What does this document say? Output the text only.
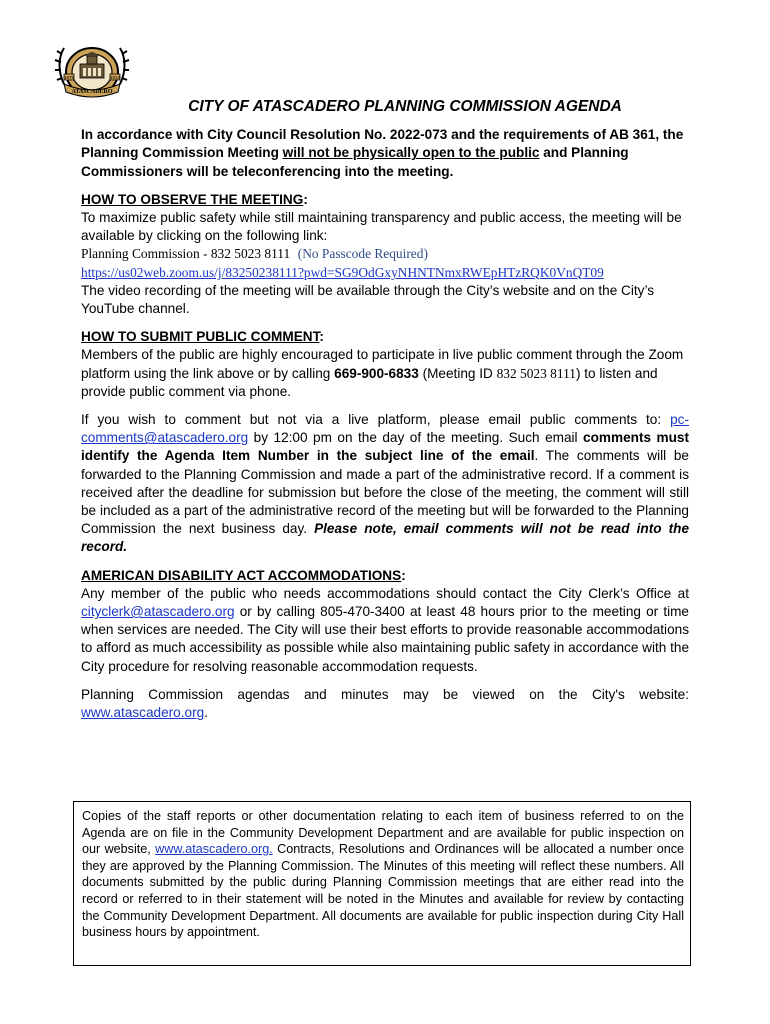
1979	1913
ATASCADERO

CITY OF ATASCADERO PLANNING COMMISSION AGENDA

In accordance with City Council Resolution No. 2022-073 and the requirements of AB 361, the Planning Commission Meeting will not be physically open to the public and Planning Commissioners will be teleconferencing into the meeting.

HOW TO OBSERVE THE MEETING:

To maximize public safety while still maintaining transparency and public access, the meeting will be available by clicking on the following link:

Planning Commission - 832 5023 8111 (No Passcode Required)

https://us02web.zoom.us/j/83250238111?pwd=SG9OdGxyNHNTNmxRWEpHTzRQK0VnQT09

The video recording of the meeting will be available through the City’s website and on the City’s YouTube channel.

HOW TO SUBMIT PUBLIC COMMENT:

Members of the public are highly encouraged to participate in live public comment through the Zoom platform using the link above or by calling 669-900-6833 (Meeting ID 832 5023 8111) to listen and provide public comment via phone.

If you wish to comment but not via a live platform, please email public comments to: pc-comments@atascadero.org by 12:00 pm on the day of the meeting. Such email comments must identify the Agenda Item Number in the subject line of the email. The comments will be forwarded to the Planning Commission and made a part of the administrative record. If a comment is received after the deadline for submission but before the close of the meeting, the comment will still be included as a part of the administrative record of the meeting but will be forwarded to the Planning Commission the next business day. Please note, email comments will not be read into the record.

AMERICAN DISABILITY ACT ACCOMMODATIONS:

Any member of the public who needs accommodations should contact the City Clerk’s Office at cityclerk@atascadero.org or by calling 805-470-3400 at least 48 hours prior to the meeting or time when services are needed. The City will use their best efforts to provide reasonable accommodations to afford as much accessibility as possible while also maintaining public safety in accordance with the City procedure for resolving reasonable accommodation requests.

Planning Commission agendas and minutes may be viewed on the City's website: www.atascadero.org.

Copies of the staff reports or other documentation relating to each item of business referred to on the Agenda are on file in the Community Development Department and are available for public inspection on our website, www.atascadero.org. Contracts, Resolutions and Ordinances will be allocated a number once they are approved by the Planning Commission. The Minutes of this meeting will reflect these numbers. All documents submitted by the public during Planning Commission meetings that are either read into the record or referred to in their statement will be noted in the Minutes and available for review by contacting the Community Development Department. All documents are available for public inspection during City Hall business hours by appointment.
